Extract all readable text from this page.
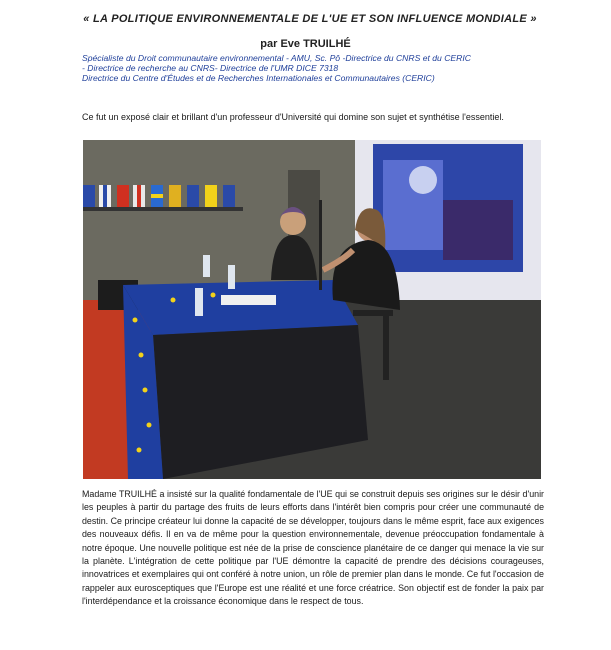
« LA POLITIQUE ENVIRONNEMENTALE DE L'UE ET SON INFLUENCE MONDIALE »
par Eve TRUILHÉ
Spécialiste du Droit communautaire environnemental - AMU, Sc. Pô -Directrice du CNRS et du CERIC
- Directrice de recherche au CNRS- Directrice de l'UMR DICE 7318
Directrice du Centre d'Études et de Recherches Internationales et Communautaires (CERIC)
Ce fut un exposé clair et brillant d'un professeur d'Université qui domine son sujet et synthétise l'essentiel.
Madame TRUILHÉ a insisté sur la qualité fondamentale de l'UE qui se construit depuis ses origines sur le désir d'unir les peuples à partir du partage des fruits de leurs efforts dans l'intérêt bien compris pour créer une communauté de destin. Ce principe créateur lui donne la capacité de se développer, toujours dans le même esprit, face aux exigences des nouveaux défis. Il en va de même pour la question environnementale, devenue préoccupation fondamentale à notre époque. Une nouvelle politique est née de la prise de conscience planétaire de ce danger qui menace la vie sur la planète. L'intégration de cette politique par l'UE démontre la capacité de prendre des décisions courageuses, innovatrices et exemplaires qui ont conféré à notre union, un rôle de premier plan dans le monde. Ce fut l'occasion de rappeler aux eurosceptiques que l'Europe est une réalité et une force créatrice. Son objectif est de fonder la paix par l'interdépendance et la croissance économique dans le respect de tous.
